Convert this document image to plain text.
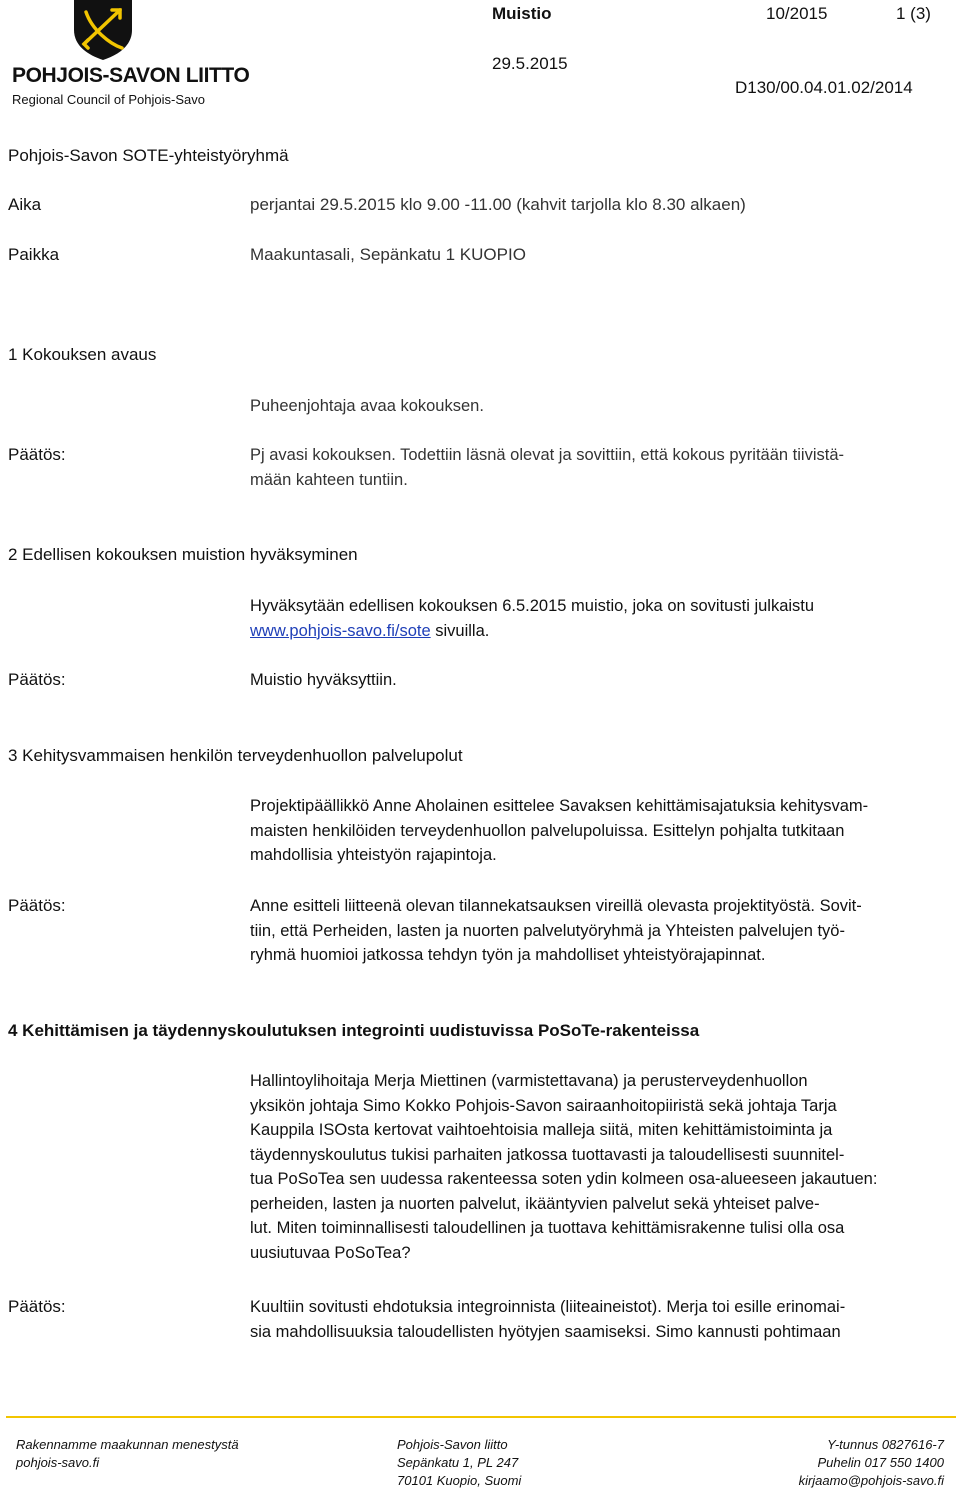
POHJOIS-SAVON LIITTO
Regional Council of Pohjois-Savo
Muistio	10/2015	1 (3)
29.5.2015
D130/00.04.01.02/2014
Pohjois-Savon SOTE-yhteistyöryhmä
Aika	perjantai 29.5.2015 klo 9.00 -11.00 (kahvit tarjolla klo 8.30 alkaen)
Paikka	Maakuntasali, Sepänkatu 1 KUOPIO
1 Kokouksen avaus
Puheenjohtaja avaa kokouksen.
Päätös:	Pj avasi kokouksen. Todettiin läsnä olevat ja sovittiin, että kokous pyritään tiivistä-
mään kahteen tuntiin.
2 Edellisen kokouksen muistion hyväksyminen
Hyväksytään edellisen kokouksen 6.5.2015 muistio, joka on sovitusti julkaistu
www.pohjois-savo.fi/sote sivuilla.
Päätös:	Muistio hyväksyttiin.
3 Kehitysvammaisen henkilön terveydenhuollon palvelupolut
Projektipäällikkö Anne Aholainen esittelee Savaksen kehittämisajatuksia kehitysvam-
maisten henkilöiden terveydenhuollon palvelupoluissa. Esittelyn pohjalta tutkitaan
mahdollisia yhteistyön rajapintoja.
Päätös:	Anne esitteli liitteenä olevan tilannekatsauksen vireillä olevasta projektityöstä. Sovit-
tiin, että Perheiden, lasten ja nuorten palvelutyöryhmä ja Yhteisten palvelujen työ-
ryhmä huomioi jatkossa tehdyn työn ja mahdolliset yhteistyörajapinnat.
4 Kehittämisen ja täydennyskoulutuksen integrointi uudistuvissa PoSoTe-rakenteissa
Hallintoylihoitaja Merja Miettinen (varmistettavana) ja perusterveydenhuollon
yksikön johtaja Simo Kokko Pohjois-Savon sairaanhoitopiiristä sekä johtaja Tarja
Kauppila ISOsta kertovat vaihtoehtoisia malleja siitä, miten kehittämistoiminta ja
täydennyskoulutus tukisi parhaiten jatkossa tuottavasti ja taloudellisesti suunnitel-
tua PoSoTea sen uudessa rakenteessa soten ydin kolmeen osa-alueeseen jakautuen:
perheiden, lasten ja nuorten palvelut, ikääntyvien palvelut sekä yhteiset palve-
lut. Miten toiminnallisesti taloudellinen ja tuottava kehittämisrakenne tulisi olla osa
uusiutuvaa PoSoTea?
Päätös:	Kuultiin sovitusti ehdotuksia integroinnista (liiteaineistot). Merja toi esille erinomai-
sia mahdollisuuksia taloudellisten hyötyjen saamiseksi. Simo kannusti pohtimaan
Rakennamme maakunnan menestystä
pohjois-savo.fi
Pohjois-Savon liitto
Sepänkatu 1, PL 247
70101 Kuopio, Suomi
Y-tunnus 0827616-7
Puhelin 017 550 1400
kirjaamo@pohjois-savo.fi
